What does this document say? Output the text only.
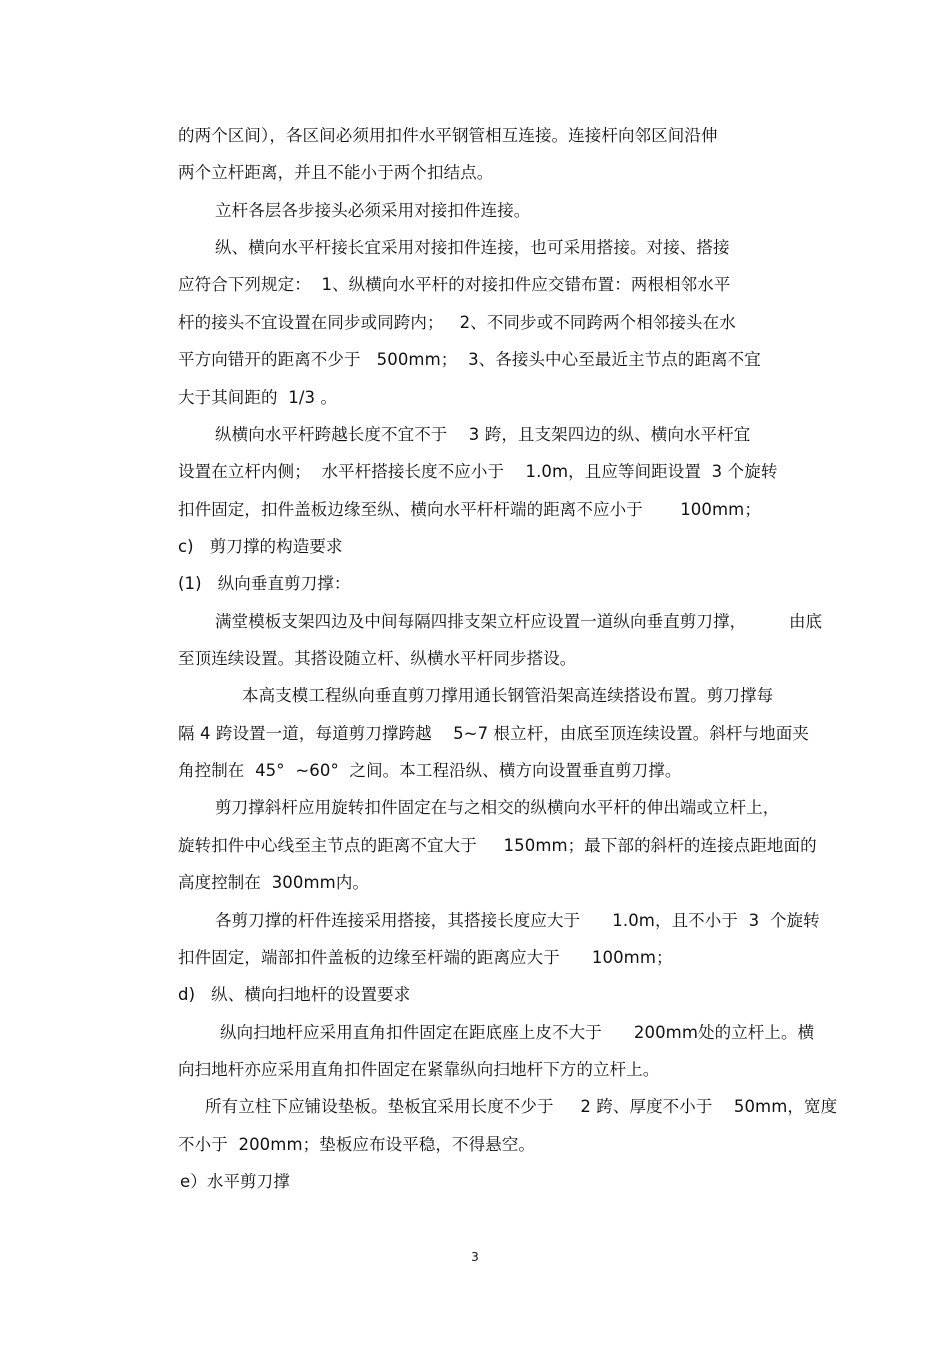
的两个区间），各区间必须用扣件水平钢管相互连接。连接杆向邻区间沿伸
两个立杆距离，并且不能小于两个扣结点。
立杆各层各步接头必须采用对接扣件连接。
纵、横向水平杆接长宜采用对接扣件连接，也可采用搭接。对接、搭接
应符合下列规定：  1、纵横向水平杆的对接扣件应交错布置：两根相邻水平
杆的接头不宜设置在同步或同跨内；   2、不同步或不同跨两个相邻接头在水
平方向错开的距离不少于   500mm；  3、各接头中心至最近主节点的距离不宜
大于其间距的  1/3 。
纵横向水平杆跨越长度不宜不于    3 跨，且支架四边的纵、横向水平杆宜
设置在立杆内侧；  水平杆搭接长度不应小于    1.0m，且应等间距设置  3 个旋转
扣件固定，扣件盖板边缘至纵、横向水平杆杆端的距离不应小于       100mm；
c)   剪刀撑的构造要求
(1)   纵向垂直剪刀撑：
满堂模板支架四边及中间每隔四排支架立杆应设置一道纵向垂直剪刀撑，        由底
至顶连续设置。其搭设随立杆、纵横水平杆同步搭设。
本高支模工程纵向垂直剪刀撑用通长钢管沿架高连续搭设布置。剪刀撑每
隔 4 跨设置一道，每道剪刀撑跨越    5~7 根立杆，由底至顶连续设置。斜杆与地面夹
角控制在  45°  ~60°  之间。本工程沿纵、横方向设置垂直剪刀撑。
剪刀撑斜杆应用旋转扣件固定在与之相交的纵横向水平杆的伸出端或立杆上，
旋转扣件中心线至主节点的距离不宜大于     150mm；最下部的斜杆的连接点距地面的
高度控制在  300mm内。
各剪刀撑的杆件连接采用搭接，其搭接长度应大于      1.0m，且不小于  3  个旋转
扣件固定，端部扣件盖板的边缘至杆端的距离应大于      100mm；
d)   纵、横向扫地杆的设置要求
纵向扫地杆应采用直角扣件固定在距底座上皮不大于      200mm处的立杆上。横
向扫地杆亦应采用直角扣件固定在紧靠纵向扫地杆下方的立杆上。
所有立柱下应铺设垫板。垫板宜采用长度不少于     2 跨、厚度不小于    50mm，宽度
不小于  200mm；垫板应布设平稳，不得悬空。
e）水平剪刀撑
3
